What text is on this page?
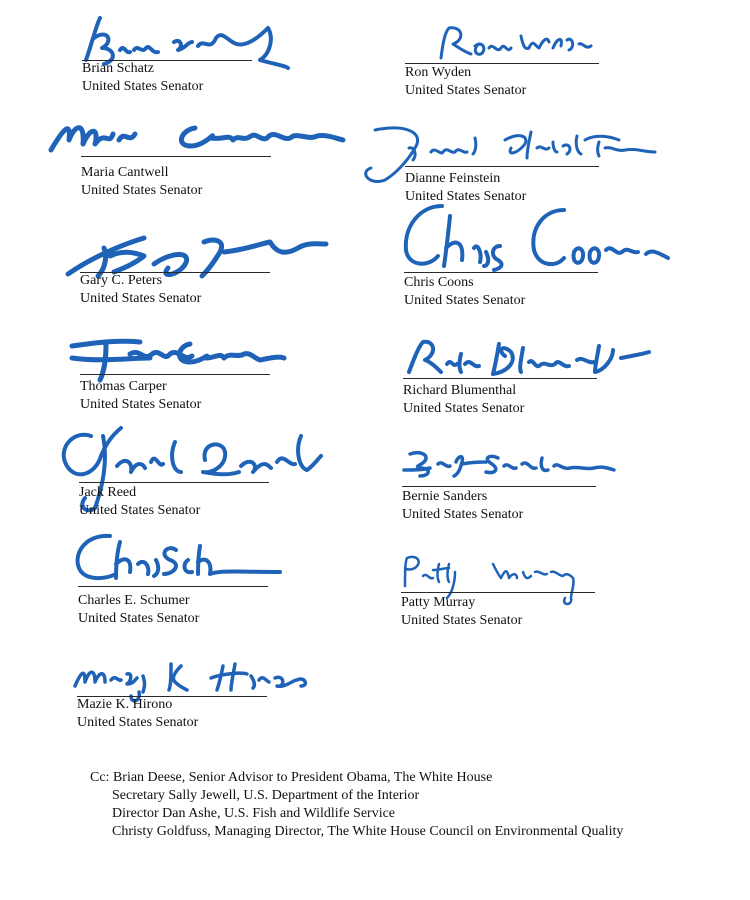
Brian Schatz
United States Senator
Maria Cantwell
United States Senator
Gary C. Peters
United States Senator
Thomas Carper
United States Senator
Jack Reed
United States Senator
Charles E. Schumer
United States Senator
Mazie K. Hirono
United States Senator
Ron Wyden
United States Senator
Dianne Feinstein
United States Senator
Chris Coons
United States Senator
Richard Blumenthal
United States Senator
Bernie Sanders
United States Senator
Patty Murray
United States Senator
Cc: Brian Deese, Senior Advisor to President Obama, The White House
Secretary Sally Jewell, U.S. Department of the Interior
Director Dan Ashe, U.S. Fish and Wildlife Service
Christy Goldfuss, Managing Director, The White House Council on Environmental Quality
